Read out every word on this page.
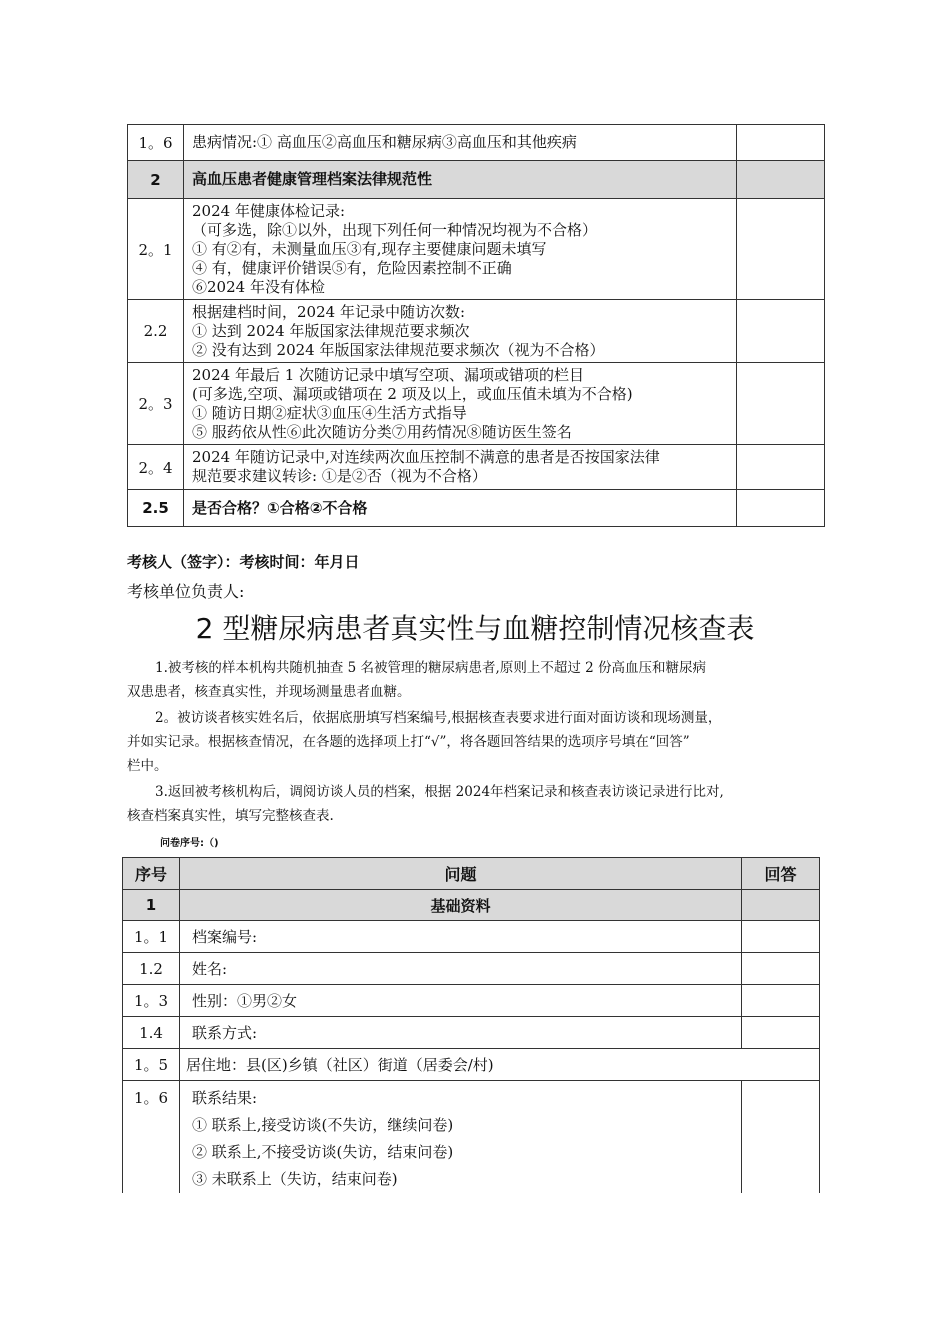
1。6	患病情况:① 高血压②高血压和糖尿病③高血压和其他疾病	

2	高血压患者健康管理档案法律规范性	

2。1	2024 年健康体检记录:
（可多选，除①以外，出现下列任何一种情况均视为不合格）
① 有②有，未测量血压③有,现存主要健康问题未填写
④ 有，健康评价错误⑤有，危险因素控制不正确
⑥2024 年没有体检	

2.2	根据建档时间，2024 年记录中随访次数:
① 达到 2024 年版国家法律规范要求频次
② 没有达到 2024 年版国家法律规范要求频次（视为不合格）	

2。3	2024 年最后 1 次随访记录中填写空项、漏项或错项的栏目
(可多选,空项、漏项或错项在 2 项及以上，或血压值未填为不合格)
① 随访日期②症状③血压④生活方式指导
⑤ 服药依从性⑥此次随访分类⑦用药情况⑧随访医生签名	

2。4	2024 年随访记录中,对连续两次血压控制不满意的患者是否按国家法律
规范要求建议转诊: ①是②否（视为不合格）	

2.5	是否合格？①合格②不合格	

考核人（签字）：考核时间：年月日
考核单位负责人:
2 型糖尿病患者真实性与血糖控制情况核查表
1.被考核的样本机构共随机抽查 5 名被管理的糖尿病患者,原则上不超过 2 份高血压和糖尿病
双患患者，核查真实性，并现场测量患者血糖。
2。被访谈者核实姓名后，依据底册填写档案编号,根据核查表要求进行面对面访谈和现场测量，
并如实记录。根据核查情况，在各题的选择项上打“√”，将各题回答结果的选项序号填在“回答”
栏中。
3.返回被考核机构后，调阅访谈人员的档案，根据 2024年档案记录和核查表访谈记录进行比对,
核查档案真实性，填写完整核查表.
问卷序号:（)
序号	问题	回答
1	基础资料	
1。1	档案编号:	
1.2	姓名:	
1。3	性别：①男②女	
1.4	联系方式:	
1。5	居住地：县(区)乡镇（社区）街道（居委会/村)	
1。6	联系结果:
① 联系上,接受访谈(不失访，继续问卷)
② 联系上,不接受访谈(失访，结束问卷)
③ 未联系上（失访，结束问卷)	
